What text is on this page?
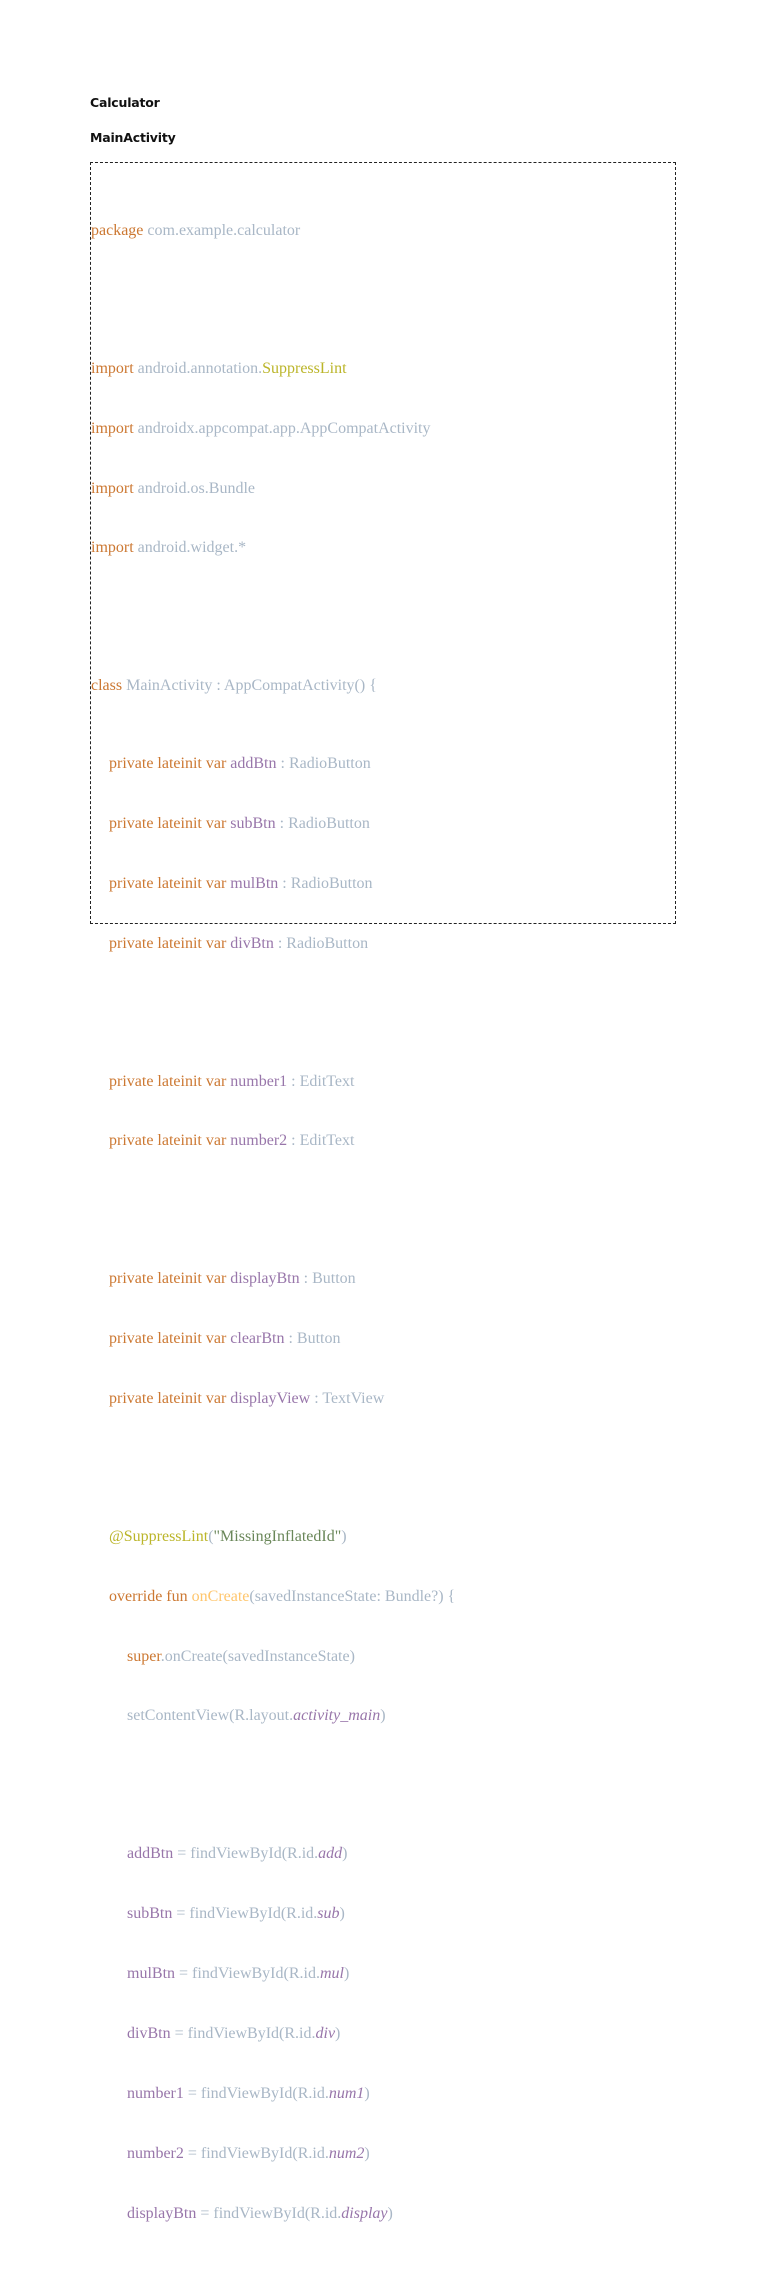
Calculator
MainActivity

package com.example.calculator

import android.annotation.SuppressLint

import androidx.appcompat.app.AppCompatActivity

import android.os.Bundle

import android.widget.*

class MainActivity : AppCompatActivity() {

private lateinit var addBtn : RadioButton

private lateinit var subBtn : RadioButton

private lateinit var mulBtn : RadioButton

private lateinit var divBtn : RadioButton

private lateinit var number1 : EditText

private lateinit var number2 : EditText

private lateinit var displayBtn : Button

private lateinit var clearBtn : Button

private lateinit var displayView : TextView

@SuppressLint("MissingInflatedId")

override fun onCreate(savedInstanceState: Bundle?) {

super.onCreate(savedInstanceState)

setContentView(R.layout.activity_main)

addBtn = findViewById(R.id.add)

subBtn = findViewById(R.id.sub)

mulBtn = findViewById(R.id.mul)

divBtn = findViewById(R.id.div)

number1 = findViewById(R.id.num1)

number2 = findViewById(R.id.num2)

displayBtn = findViewById(R.id.display)
